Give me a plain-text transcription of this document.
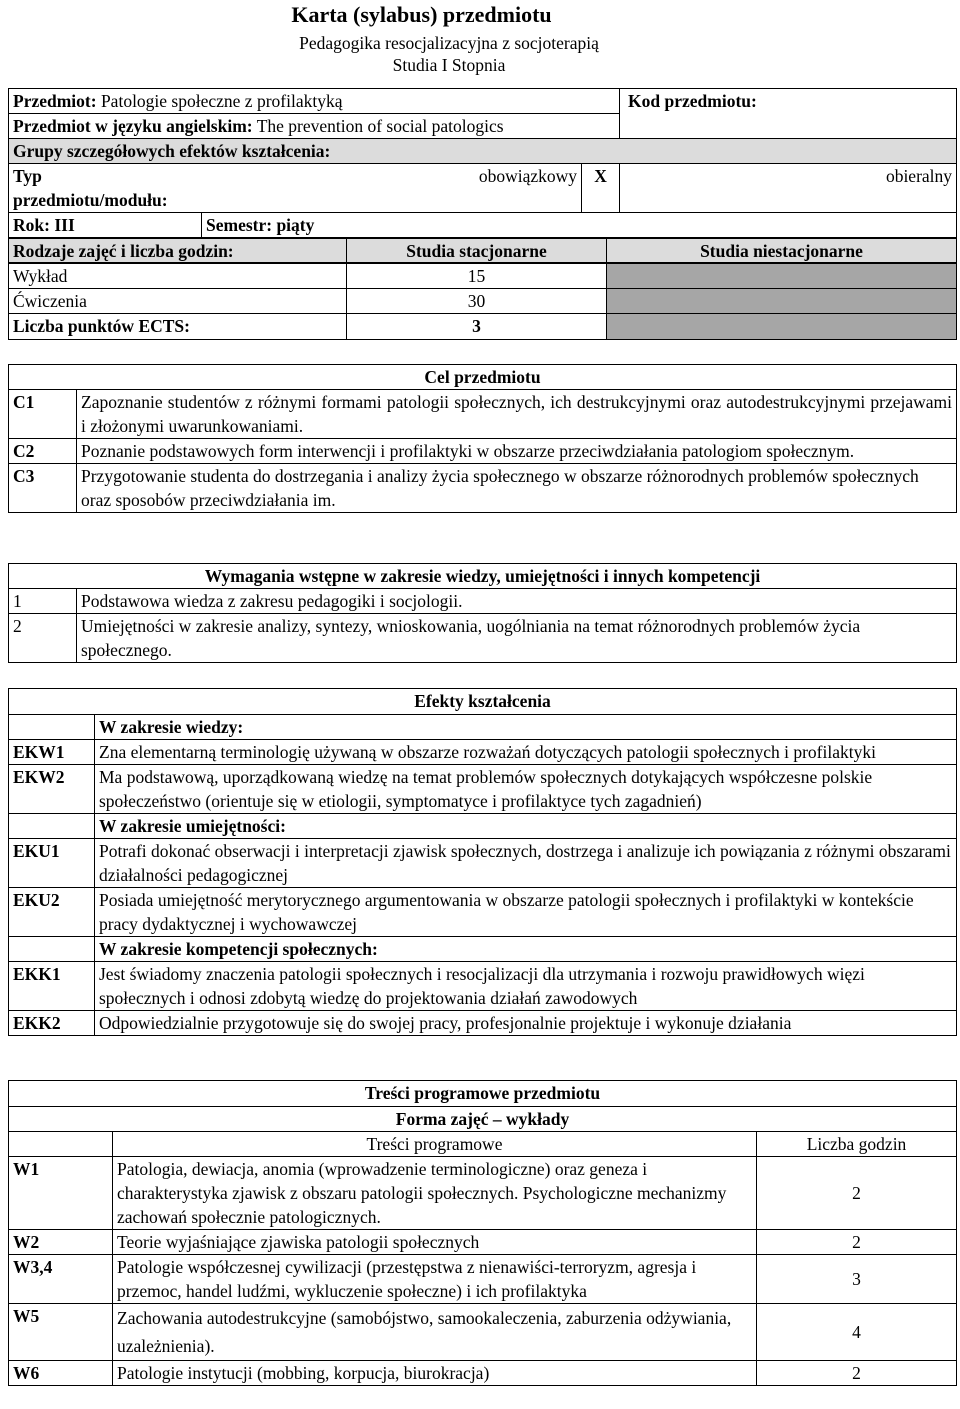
Karta (sylabus) przedmiotu
Pedagogika resocjalizacyjna z socjoterapią
Studia I Stopnia
Przedmiot: Patologie społeczne z profilaktyką			Kod przedmiotu:
Przedmiot w języku angielskim: The prevention of social patologics			
Grupy szczegółowych efektów kształcenia:			
Typ przedmiotu/modułu:	obowiązkowy	X	obieralny
Rok: III	Semestr: piąty		

Rodzaje zajęć i liczba godzin:	Studia stacjonarne	Studia niestacjonarne
Wykład	15	
Ćwiczenia	30	
Liczba punktów ECTS:	3	
Cel przedmiotu	
C1	Zapoznanie studentów z różnymi formami patologii społecznych, ich destrukcyjnymi oraz autodestrukcyjnymi przejawami i złożonymi uwarunkowaniami.
C2	Poznanie podstawowych form interwencji i profilaktyki w obszarze przeciwdziałania patologiom społecznym.
C3	Przygotowanie studenta do dostrzegania i analizy życia społecznego w obszarze różnorodnych problemów społecznych oraz sposobów przeciwdziałania im.
Wymagania wstępne w zakresie wiedzy, umiejętności i innych kompetencji	
1	Podstawowa wiedza z zakresu pedagogiki i socjologii.
2	Umiejętności w zakresie analizy, syntezy, wnioskowania, uogólniania na temat różnorodnych problemów życia społecznego.
Efekty kształcenia	
	W zakresie wiedzy:
EKW1	Zna elementarną terminologię używaną w obszarze rozważań dotyczących patologii społecznych i profilaktyki
EKW2	Ma podstawową, uporządkowaną wiedzę na temat problemów społecznych dotykających współczesne polskie społeczeństwo (orientuje się w etiologii, symptomatyce i profilaktyce tych zagadnień)
	W zakresie umiejętności:
EKU1	Potrafi dokonać obserwacji i interpretacji zjawisk społecznych, dostrzega i analizuje ich powiązania z różnymi obszarami działalności pedagogicznej
EKU2	Posiada umiejętność merytorycznego argumentowania w obszarze patologii społecznych i profilaktyki w kontekście pracy dydaktycznej i wychowawczej
	W zakresie kompetencji społecznych:
EKK1	Jest świadomy znaczenia patologii społecznych i resocjalizacji dla utrzymania i rozwoju prawidłowych więzi społecznych i odnosi zdobytą wiedzę do projektowania działań zawodowych
EKK2	Odpowiedzialnie przygotowuje się do swojej pracy, profesjonalnie projektuje i wykonuje działania
Treści programowe przedmiotu		
Forma zajęć – wykłady		
	Treści programowe	Liczba godzin
W1	Patologia, dewiacja, anomia (wprowadzenie terminologiczne) oraz geneza i charakterystyka zjawisk z obszaru patologii społecznych. Psychologiczne mechanizmy zachowań społecznie patologicznych.	2
W2	Teorie wyjaśniające zjawiska patologii społecznych	2
W3,4	Patologie współczesnej cywilizacji (przestępstwa z nienawiści-terroryzm, agresja i przemoc, handel ludźmi, wykluczenie społeczne) i ich profilaktyka	3
W5	Zachowania autodestrukcyjne (samobójstwo, samookaleczenia, zaburzenia odżywiania, uzależnienia).	4
W6	Patologie instytucji (mobbing, korpucja, biurokracja)	2
